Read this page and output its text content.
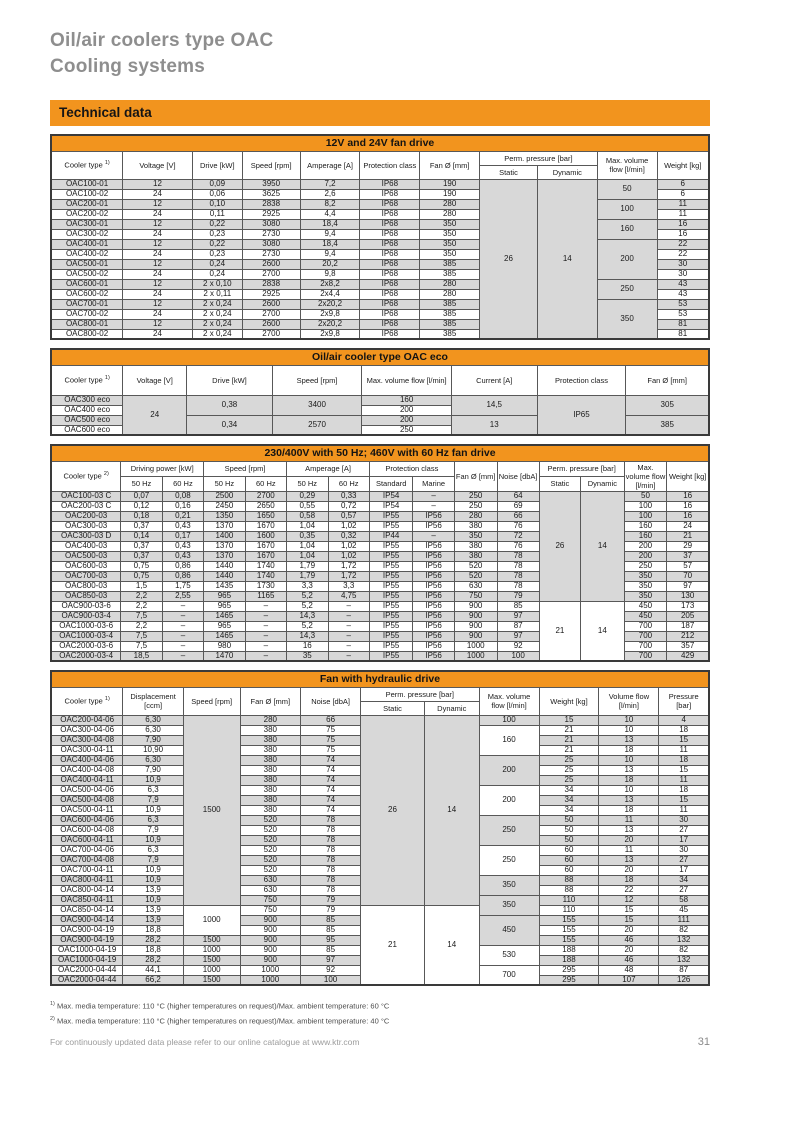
Oil/air coolers type OAC
Cooling systems
Technical data
12V and 24V fan drive										
Cooler type $^{1)}$	Voltage [V]	Drive [kW]	Speed [rpm]	Amperage [A]	Protection class	Fan Ø [mm]	Perm. pressure [bar]		Max. volume flow [l/min]	Weight [kg]
							Static	Dynamic		
OAC100-01	12	0,09	3950	7,2	IP68	190	26	14	50	6
OAC100-02	24	0,06	3625	2,6	IP68	190				6
OAC200-01	12	0,10	2838	8,2	IP68	280			100	11
OAC200-02	24	0,11	2925	4,4	IP68	280				11
OAC300-01	12	0,22	3080	18,4	IP68	350			160	16
OAC300-02	24	0,23	2730	9,4	IP68	350				16
OAC400-01	12	0,22	3080	18,4	IP68	350			200	22
OAC400-02	24	0,23	2730	9,4	IP68	350				22
OAC500-01	12	0,24	2600	20,2	IP68	385				30
OAC500-02	24	0,24	2700	9,8	IP68	385				30
OAC600-01	12	2 x 0,10	2838	2x8,2	IP68	280			250	43
OAC600-02	24	2 x 0,11	2925	2x4,4	IP68	280				43
OAC700-01	12	2 x 0,24	2600	2x20,2	IP68	385			350	53
OAC700-02	24	2 x 0,24	2700	2x9,8	IP68	385				53
OAC800-01	12	2 x 0,24	2600	2x20,2	IP68	385				81
OAC800-02	24	2 x 0,24	2700	2x9,8	IP68	385				81
Oil/air cooler type OAC eco							
Cooler type $^{1)}$	Voltage [V]	Drive [kW]	Speed [rpm]	Max. volume flow [l/min]	Current [A]	Protection class	Fan Ø [mm]
OAC300 eco	24	0,38	3400	160	14,5	IP65	305
OAC400 eco				200			
OAC500 eco		0,34	2570	200	13		385
OAC600 eco				250			
230/400V with 50 Hz; 460V with 60 Hz fan drive														
Cooler type $^{2)}$	Driving power [kW]		Speed [rpm]		Amperage [A]		Protection class		Fan Ø [mm]	Noise [dbA]	Perm. pressure [bar]		Max. volume flow [l/min]	Weight [kg]
	50 Hz	60 Hz	50 Hz	60 Hz	50 Hz	60 Hz	Standard	Marine			Static	Dynamic		
OAC100-03 C	0,07	0,08	2500	2700	0,29	0,33	IP54	–	250	64	26	14	50	16
OAC200-03 C	0,12	0,16	2450	2650	0,55	0,72	IP54	–	250	69			100	16
OAC200-03	0,18	0,21	1350	1650	0,58	0,57	IP55	IP56	280	66			100	16
OAC300-03	0,37	0,43	1370	1670	1,04	1,02	IP55	IP56	380	76			160	24
OAC300-03 D	0,14	0,17	1400	1600	0,35	0,32	IP44	–	350	72			160	21
OAC400-03	0,37	0,43	1370	1670	1,04	1,02	IP55	IP56	380	76			200	29
OAC500-03	0,37	0,43	1370	1670	1,04	1,02	IP55	IP56	380	78			200	37
OAC600-03	0,75	0,86	1440	1740	1,79	1,72	IP55	IP56	520	78			250	57
OAC700-03	0,75	0,86	1440	1740	1,79	1,72	IP55	IP56	520	78			350	70
OAC800-03	1,5	1,75	1435	1730	3,3	3,3	IP55	IP56	630	78			350	97
OAC850-03	2,2	2,55	965	1165	5,2	4,75	IP55	IP56	750	79			350	130
OAC900-03-6	2,2	–	965	–	5,2	–	IP55	IP56	900	85	21	14	450	173
OAC900-03-4	7,5	–	1465	–	14,3	–	IP55	IP56	900	97			450	205
OAC1000-03-6	2,2	–	965	–	5,2	–	IP55	IP56	900	87			700	187
OAC1000-03-4	7,5	–	1465	–	14,3	–	IP55	IP56	900	97			700	212
OAC2000-03-6	7,5	–	980	–	16	–	IP55	IP56	1000	92			700	357
OAC2000-03-4	18,5	–	1470	–	35	–	IP55	IP56	1000	100			700	429
Fan with hydraulic drive										
Cooler type $^{1)}$	Displacement [ccm]	Speed [rpm]	Fan Ø [mm]	Noise [dbA]	Perm. pressure [bar]		Max. volume flow [l/min]	Weight [kg]	Volume flow [l/min]	Pressure [bar]
					Static	Dynamic				
OAC200-04-06	6,30	1500	280	66	26	14	100	15	10	4
OAC300-04-06	6,30		380	75			160	21	10	18
OAC300-04-08	7,90		380	75				21	13	15
OAC300-04-11	10,90		380	75				21	18	11
OAC400-04-06	6,30		380	74			200	25	10	18
OAC400-04-08	7,90		380	74				25	13	15
OAC400-04-11	10,9		380	74				25	18	11
OAC500-04-06	6,3		380	74			200	34	10	18
OAC500-04-08	7,9		380	74				34	13	15
OAC500-04-11	10,9		380	74				34	18	11
OAC600-04-06	6,3		520	78			250	50	11	30
OAC600-04-08	7,9		520	78				50	13	27
OAC600-04-11	10,9		520	78				50	20	17
OAC700-04-06	6,3		520	78			250	60	11	30
OAC700-04-08	7,9		520	78				60	13	27
OAC700-04-11	10,9		520	78				60	20	17
OAC800-04-11	10,9		630	78			350	88	18	34
OAC800-04-14	13,9		630	78				88	22	27
OAC850-04-11	10,9		750	79			350	110	12	58
OAC850-04-14	13,9	1000	750	79	21	14		110	15	45
OAC900-04-14	13,9		900	85			450	155	15	111
OAC900-04-19	18,8		900	85				155	20	82
OAC900-04-19	28,2	1500	900	95				155	46	132
OAC1000-04-19	18,8	1000	900	85			530	188	20	82
OAC1000-04-19	28,2	1500	900	97				188	46	132
OAC2000-04-44	44,1	1000	1000	92			700	295	48	87
OAC2000-04-44	66,2	1500	1000	100				295	107	126
$^{1)}$ Max. media temperature: 110 °C (higher temperatures on request)/Max. ambient temperature: 60 °C
$^{2)}$ Max. media temperature: 110 °C (higher temperatures on request)/Max. ambient temperature: 40 °C
For continuously updated data please refer to our online catalogue at www.ktr.com	31
